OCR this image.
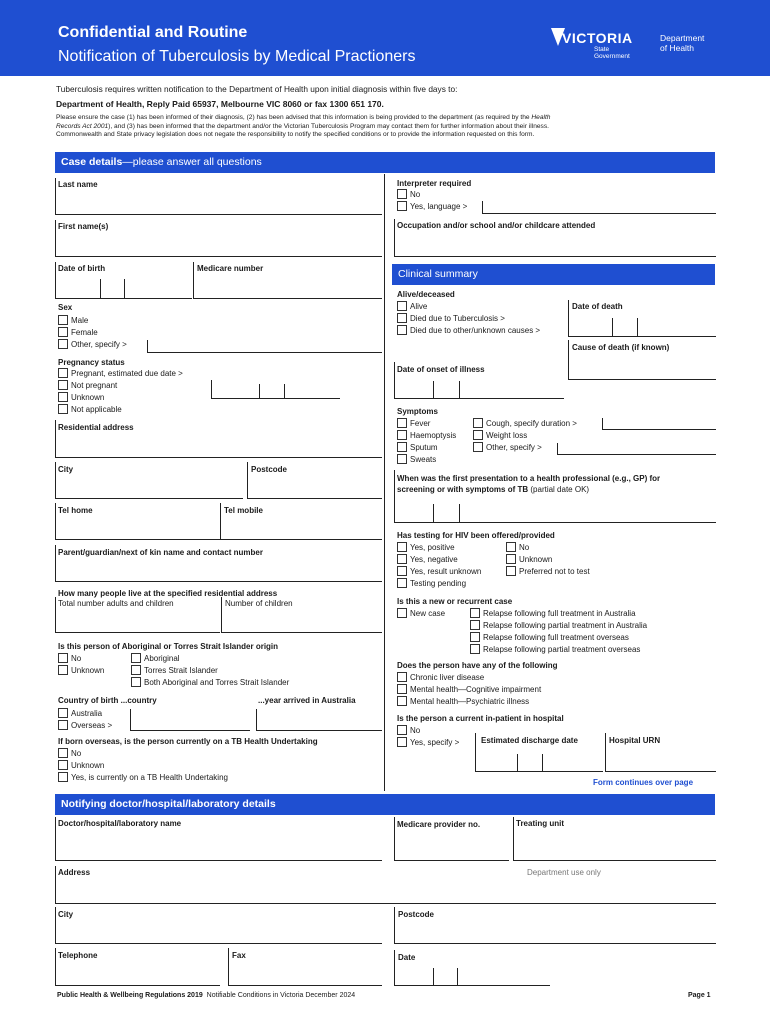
Confidential and Routine
Notification of Tuberculosis by Medical Practioners
VICTORIA
State
Government
Department
of Health
Tuberculosis requires written notification to the Department of Health upon initial diagnosis within five days to:
Department of Health, Reply Paid 65937, Melbourne VIC 8060 or fax 1300 651 170.
Please ensure the case (1) has been informed of their diagnosis, (2) has been advised that this information is being provided to the department (as required by the Health
Records Act 2001), and (3) has been informed that the department and/or the Victorian Tuberculosis Program may contact them for further information about their illness.
Commonwealth and State privacy legislation does not negate the responsibility to notify the specified conditions or to provide the information requested on this form.
Case details—please answer all questions
Last name
First name(s)
Date of birth	Medicare number
Sex
Male
Female
Other, specify >
Pregnancy status
Pregnant, estimated due date >
Not pregnant
Unknown
Not applicable
Residential address
City	Postcode
Tel home	Tel mobile
Parent/guardian/next of kin name and contact number
How many people live at the specified residential address
Total number adults and children	Number of children
Is this person of Aboriginal or Torres Strait Islander origin
No
Unknown
Aboriginal
Torres Strait Islander
Both Aboriginal and Torres Strait Islander
Country of birth ...country	...year arrived in Australia
Australia
Overseas >
If born overseas, is the person currently on a TB Health Undertaking
No
Unknown
Yes, is currently on a TB Health Undertaking
Interpreter required
No
Yes, language >
Occupation and/or school and/or childcare attended
Clinical summary
Alive/deceased
Alive
Died due to Tuberculosis >
Died due to other/unknown causes >
Date of death
Cause of death (if known)
Date of onset of illness
Symptoms
Fever
Haemoptysis
Sputum
Sweats
Cough, specify duration >
Weight loss
Other, specify >
When was the first presentation to a health professional (e.g., GP) for
screening or with symptoms of TB (partial date OK)
Has testing for HIV been offered/provided
Yes, positive
Yes, negative
Yes, result unknown
Testing pending
No
Unknown
Preferred not to test
Is this a new or recurrent case
New case	Relapse following full treatment in Australia
Relapse following partial treatment in Australia
Relapse following full treatment overseas
Relapse following partial treatment overseas
Does the person have any of the following
Chronic liver disease
Mental health—Cognitive impairment
Mental health—Psychiatric illness
Is the person a current in-patient in hospital
No
Yes, specify >	Estimated discharge date	Hospital URN
Form continues over page
Notifying doctor/hospital/laboratory details
Doctor/hospital/laboratory name	Medicare provider no.	Treating unit
Address	Department use only
City	Postcode
Telephone	Fax	Date
Public Health & Wellbeing Regulations 2019 Notifiable Conditions in Victoria December 2024	Page 1
